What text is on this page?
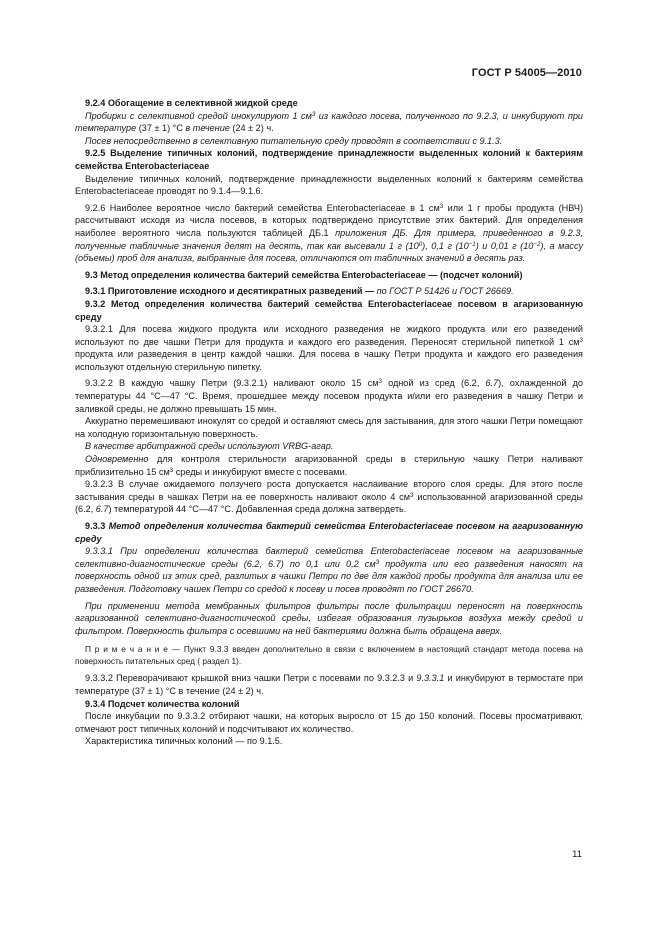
ГОСТ Р 54005—2010

9.2.4 Обогащение в селективной жидкой среде

Пробирки с селективной средой инокулируют 1 $см^3$ из каждого посева, полученного по 9.2.3, и инкубируют при температуре (37 ± 1) °С в течение (24 ± 2) ч.

Посев непосредственно в селективную питательную среду проводят в соответствии с 9.1.3.

9.2.5 Выделение типичных колоний, подтверждение принадлежности выделенных колоний к бактериям семейства Enterobacteriaceae

Выделение типичных колоний, подтверждение принадлежности выделенных колоний к бактериям семейства Enterobacteriaceae проводят по 9.1.4—9.1.6.

9.2.6 Наиболее вероятное число бактерий семейства Enterobacteriaceae в 1 $см^3$ или 1 г пробы продукта (НВЧ) рассчитывают исходя из числа посевов, в которых подтверждено присутствие этих бактерий. Для определения наиболее вероятного числа пользуются таблицей ДБ.1 приложения ДБ. Для примера, приведенного в 9.2.3, полученные табличные значения делят на десять, так как высевали 1 г $(10^0)$, 0,1 г $(10^{-1})$ и 0,01 г $(10^{-2})$, а массу (объемы) проб для анализа, выбранные для посева, отличаются от табличных значений в десять раз.

9.3 Метод определения количества бактерий семейства Enterobacteriaceae — (подсчет колоний)

9.3.1 Приготовление исходного и десятикратных разведений — по ГОСТ Р 51426 и ГОСТ 26669.

9.3.2 Метод определения количества бактерий семейства Enterobacteriaceae посевом в агаризованную среду

9.3.2.1 Для посева жидкого продукта или исходного разведения не жидкого продукта или его разведений используют по две чашки Петри для продукта и каждого его разведения. Переносят стерильной пипеткой 1 $см^3$ продукта или разведения в центр каждой чашки. Для посева в чашку Петри продукта и каждого его разведения используют отдельную стерильную пипетку.

9.3.2.2 В каждую чашку Петри (9.3.2.1) наливают около 15 $см^3$ одной из сред (6.2, 6.7), охлажденной до температуры 44 °С—47 °С. Время, прошедшее между посевом продукта и/или его разведения в чашку Петри и заливкой среды, не должно превышать 15 мин.

Аккуратно перемешивают инокулят со средой и оставляют смесь для застывания, для этого чашки Петри помещают на холодную горизонтальную поверхность.

В качестве арбитражной среды используют VRBG-агар.

Одновременно для контроля стерильности агаризованной среды в стерильную чашку Петри наливают приблизительно 15 $см^3$ среды и инкубируют вместе с посевами.

9.3.2.3 В случае ожидаемого ползучего роста допускается наслаивание второго слоя среды. Для этого после застывания среды в чашках Петри на ее поверхность наливают около 4 $см^3$ использованной агаризованной среды (6.2, 6.7) температурой 44 °С—47 °С. Добавленная среда должна затвердеть.

9.3.3 Метод определения количества бактерий семейства Enterobacteriaceae посевом на агаризованную среду

9.3.3.1 При определении количества бактерий семейства Enterobacteriaceae посевом на агаризованные селективно-диагностические среды (6.2, 6.7) по 0,1 или 0,2 $см^3$ продукта или его разведения наносят на поверхность одной из этих сред, разлитых в чашки Петри по две для каждой пробы продукта для анализа или ее разведения. Подготовку чашек Петри со средой к посеву и посев проводят по ГОСТ 26670.

При применении метода мембранных фильтров фильтры после фильтрации переносят на поверхность агаризованной селективно-диагностической среды, избегая образования пузырьков воздуха между средой и фильтром. Поверхность фильтра с осевшими на ней бактериями должна быть обращена вверх.

П р и м е ч а н и е — Пункт 9.3.3 введен дополнительно в связи с включением в настоящий стандарт метода посева на поверхность питательных сред ( раздел 1).

9.3.3.2 Переворачивают крышкой вниз чашки Петри с посевами по 9.3.2.3 и 9.3.3.1 и инкубируют в термостате при температуре (37 ± 1) °С в течение (24 ± 2) ч.

9.3.4 Подсчет количества колоний

После инкубации по 9.3.3.2 отбирают чашки, на которых выросло от 15 до 150 колоний. Посевы просматривают, отмечают рост типичных колоний и подсчитывают их количество.

Характеристика типичных колоний — по 9.1.5.

11
